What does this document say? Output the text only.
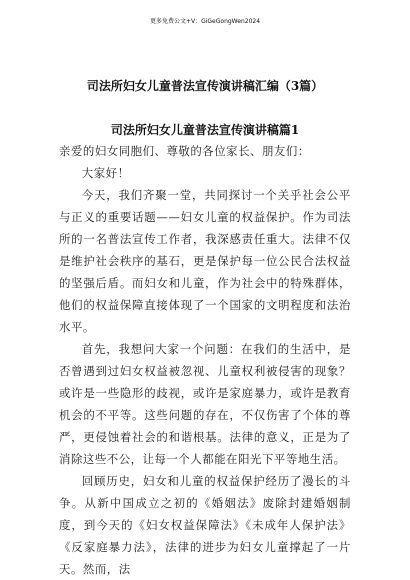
更多免费公文+V：GiGeGongWen2024
司法所妇女儿童普法宣传演讲稿汇编（3篇）
司法所妇女儿童普法宣传演讲稿篇1

亲爱的妇女同胞们、尊敬的各位家长、朋友们：

大家好！

今天，我们齐聚一堂，共同探讨一个关乎社会公平与正义的重要话题——妇女儿童的权益保护。作为司法所的一名普法宣传工作者，我深感责任重大。法律不仅是维护社会秩序的基石，更是保护每一位公民合法权益的坚强后盾。而妇女和儿童，作为社会中的特殊群体，他们的权益保障直接体现了一个国家的文明程度和法治水平。

首先，我想问大家一个问题：在我们的生活中，是否曾遇到过妇女权益被忽视、儿童权利被侵害的现象？或许是一些隐形的歧视，或许是家庭暴力，或许是教育机会的不平等。这些问题的存在，不仅伤害了个体的尊严，更侵蚀着社会的和谐根基。法律的意义，正是为了消除这些不公，让每一个人都能在阳光下平等地生活。

回顾历史，妇女和儿童的权益保护经历了漫长的斗争。从新中国成立之初的《婚姻法》废除封建婚姻制度，到今天的《妇女权益保障法》《未成年人保护法》《反家庭暴力法》，法律的进步为妇女儿童撑起了一片天。然而，法
